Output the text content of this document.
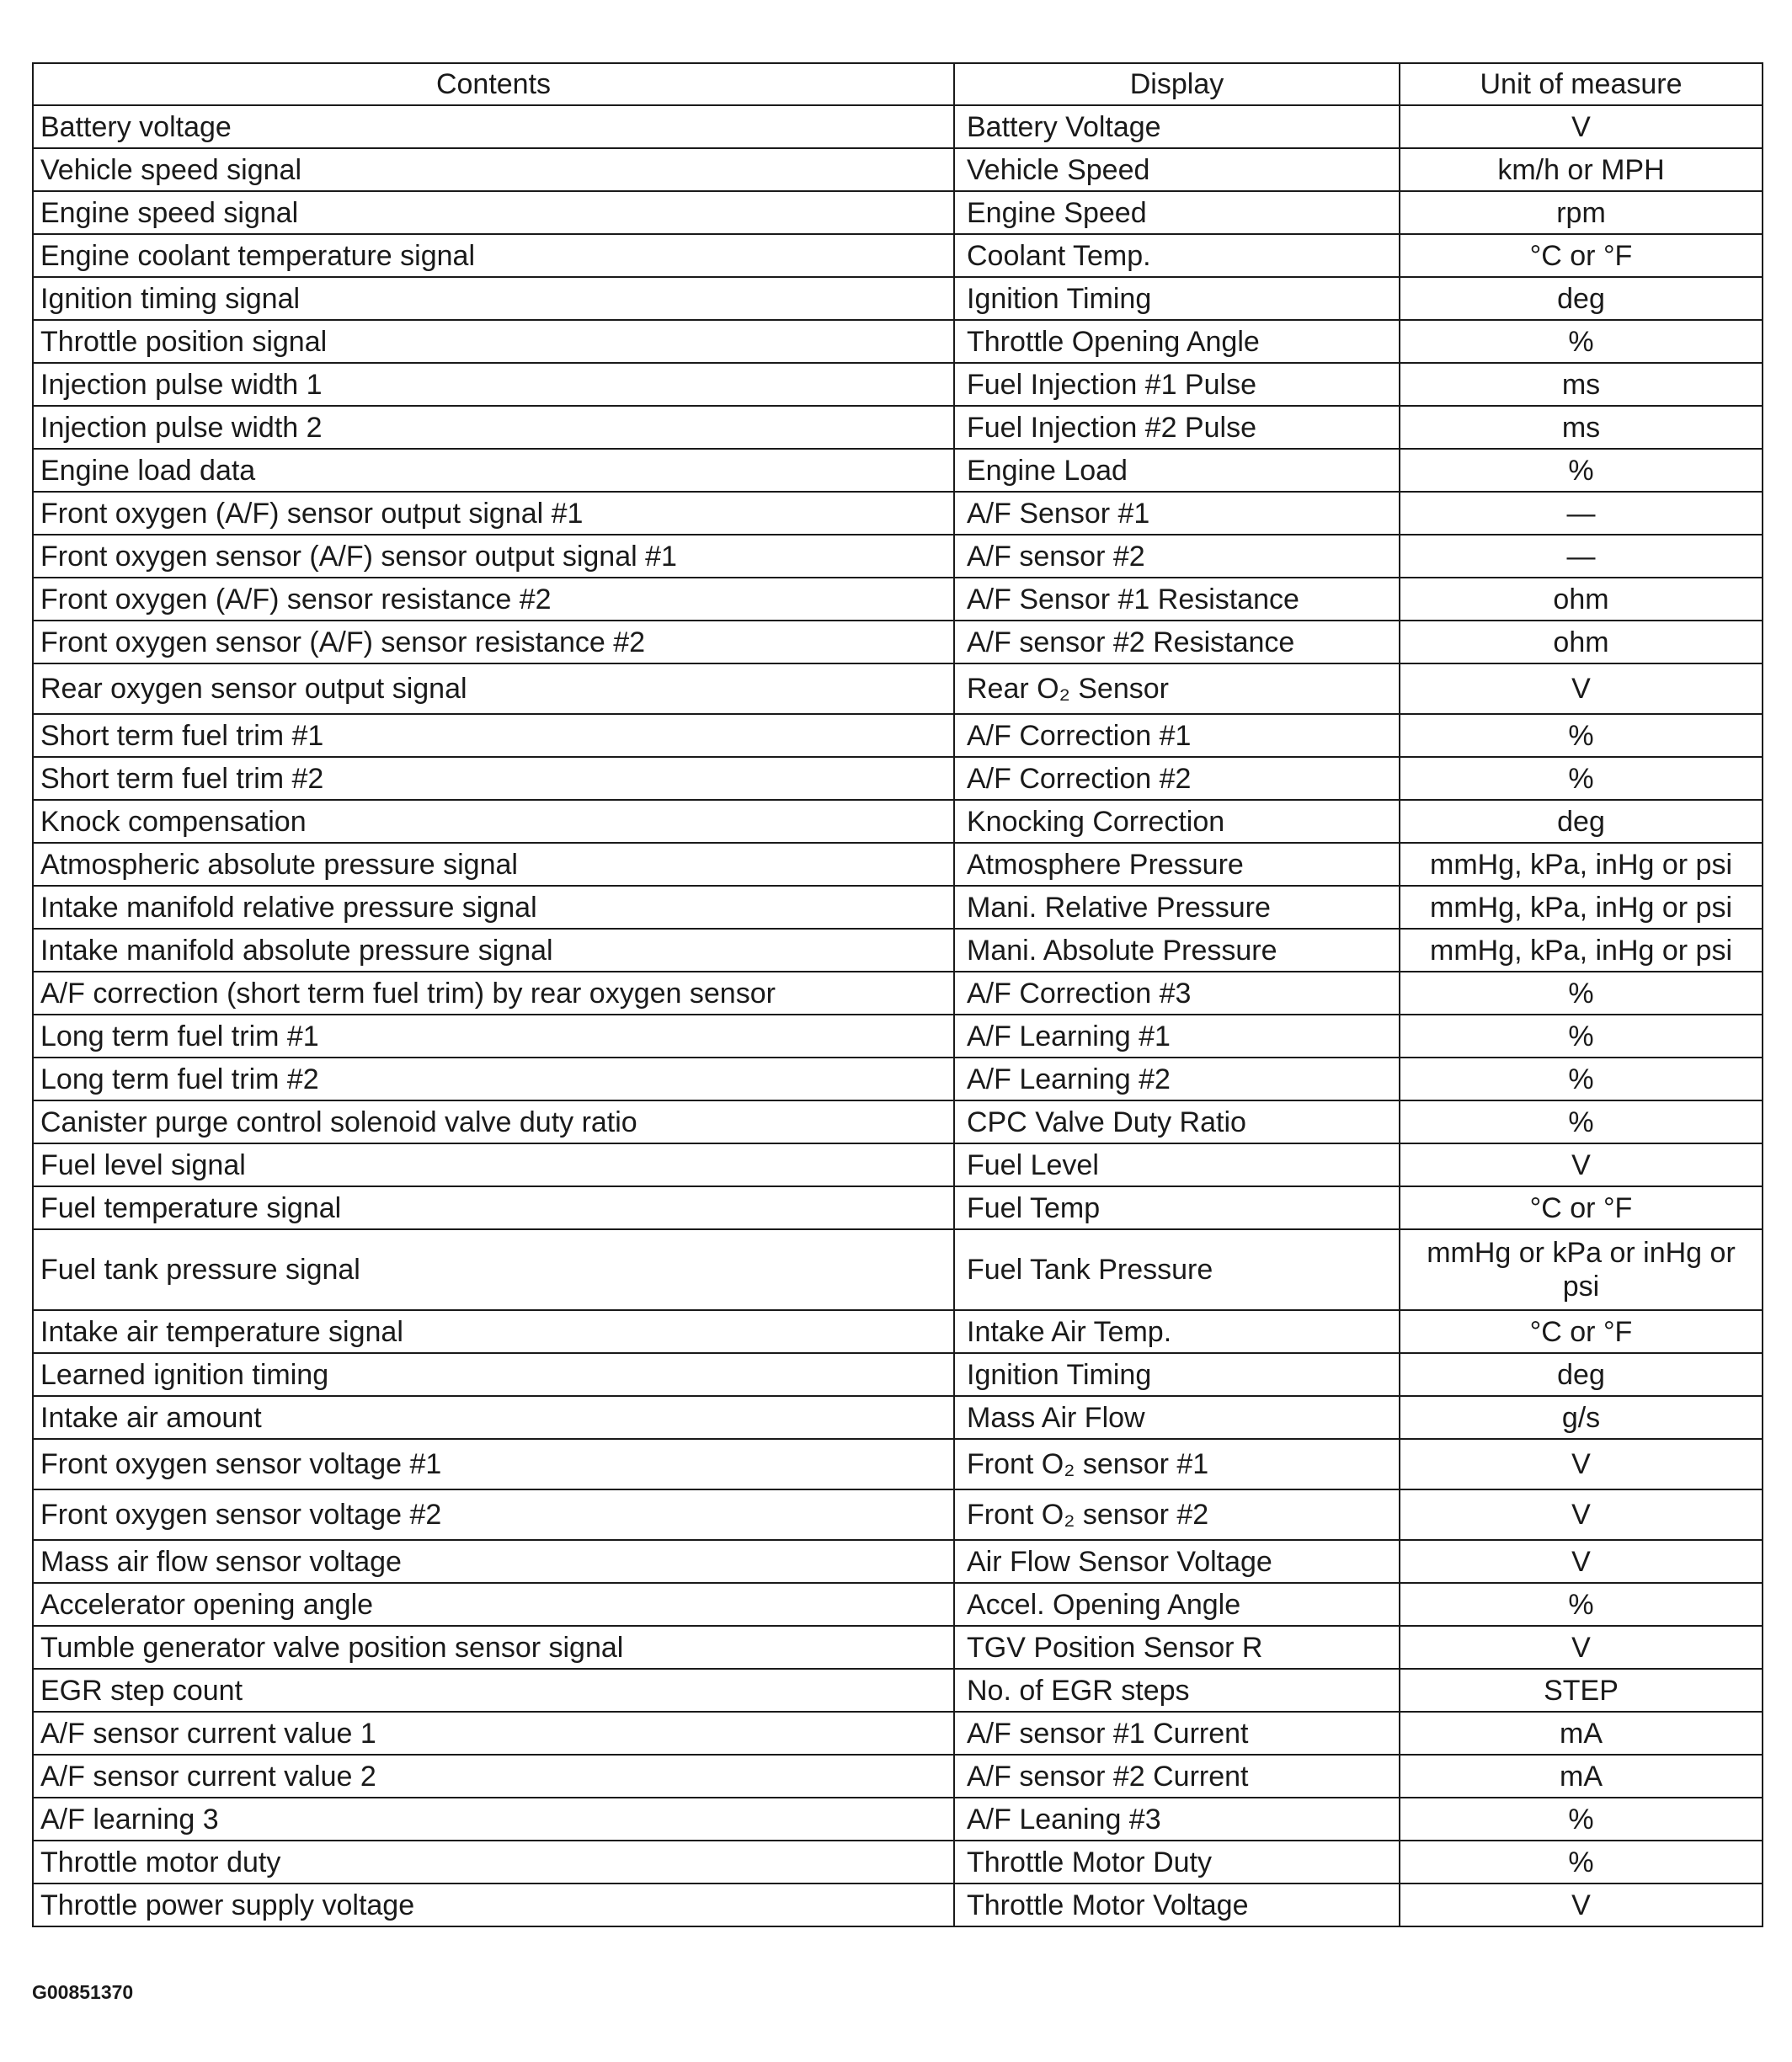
Contents	Display	Unit of measure
Battery voltage	Battery Voltage	V
Vehicle speed signal	Vehicle Speed	km/h or MPH
Engine speed signal	Engine Speed	rpm
Engine coolant temperature signal	Coolant Temp.	°C or °F
Ignition timing signal	Ignition Timing	deg
Throttle position signal	Throttle Opening Angle	%
Injection pulse width 1	Fuel Injection #1 Pulse	ms
Injection pulse width 2	Fuel Injection #2 Pulse	ms
Engine load data	Engine Load	%
Front oxygen (A/F) sensor output signal #1	A/F Sensor #1	—
Front oxygen sensor (A/F) sensor output signal #1	A/F sensor #2	—
Front oxygen (A/F) sensor resistance #2	A/F Sensor #1 Resistance	ohm
Front oxygen sensor (A/F) sensor resistance #2	A/F sensor #2 Resistance	ohm
Rear oxygen sensor output signal	Rear O₂ Sensor	V
Short term fuel trim #1	A/F Correction #1	%
Short term fuel trim #2	A/F Correction #2	%
Knock compensation	Knocking Correction	deg
Atmospheric absolute pressure signal	Atmosphere Pressure	mmHg, kPa, inHg or psi
Intake manifold relative pressure signal	Mani. Relative Pressure	mmHg, kPa, inHg or psi
Intake manifold absolute pressure signal	Mani. Absolute Pressure	mmHg, kPa, inHg or psi
A/F correction (short term fuel trim) by rear oxygen sensor	A/F Correction #3	%
Long term fuel trim #1	A/F Learning #1	%
Long term fuel trim #2	A/F Learning #2	%
Canister purge control solenoid valve duty ratio	CPC Valve Duty Ratio	%
Fuel level signal	Fuel Level	V
Fuel temperature signal	Fuel Temp	°C or °F
Fuel tank pressure signal	Fuel Tank Pressure	mmHg or kPa or inHg or psi
Intake air temperature signal	Intake Air Temp.	°C or °F
Learned ignition timing	Ignition Timing	deg
Intake air amount	Mass Air Flow	g/s
Front oxygen sensor voltage #1	Front O₂ sensor #1	V
Front oxygen sensor voltage #2	Front O₂ sensor #2	V
Mass air flow sensor voltage	Air Flow Sensor Voltage	V
Accelerator opening angle	Accel. Opening Angle	%
Tumble generator valve position sensor signal	TGV Position Sensor R	V
EGR step count	No. of EGR steps	STEP
A/F sensor current value 1	A/F sensor #1 Current	mA
A/F sensor current value 2	A/F sensor #2 Current	mA
A/F learning 3	A/F Leaning #3	%
Throttle motor duty	Throttle Motor Duty	%
Throttle power supply voltage	Throttle Motor Voltage	V
G00851370
